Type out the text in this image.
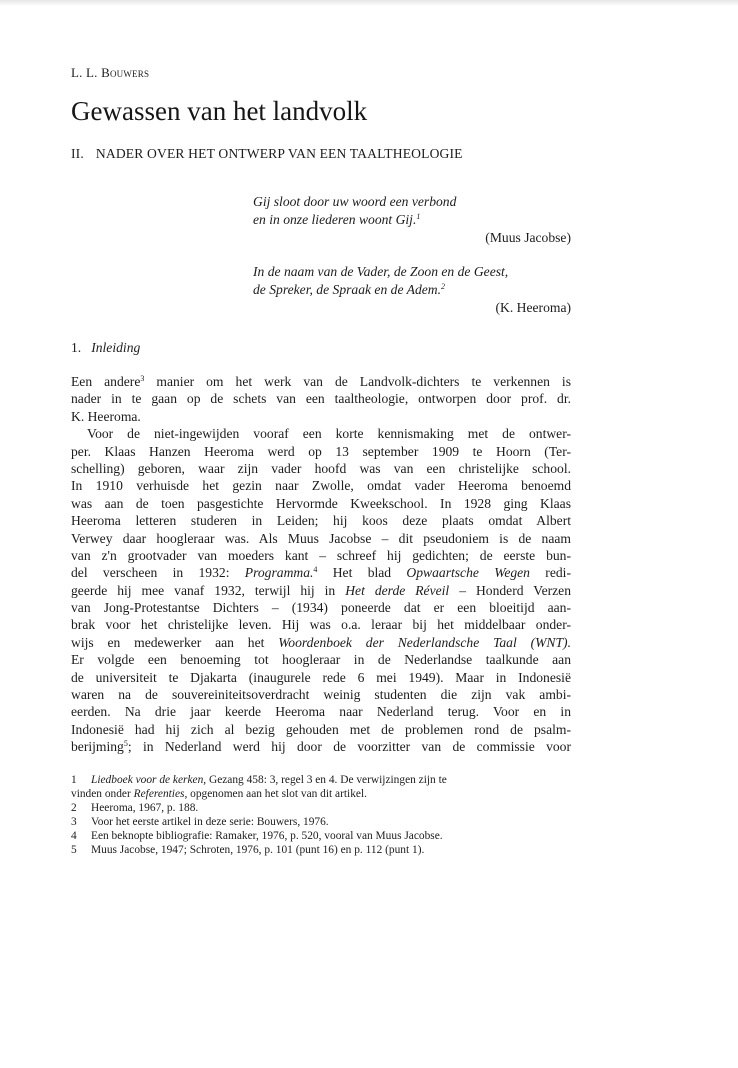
L. L. Bouwers

Gewassen van het landvolk
II. NADER OVER HET ONTWERP VAN EEN TAALTHEOLOGIE
Gij sloot door uw woord een verbond
en in onze liederen woont Gij.$^1$
(Muus Jacobse)
In de naam van de Vader, de Zoon en de Geest,
de Spreker, de Spraak en de Adem.$^2$
(K. Heeroma)
1. Inleiding

Een andere$^3$ manier om het werk van de Landvolk-dichters te verkennen is
nader in te gaan op de schets van een taaltheologie, ontworpen door prof. dr.
K. Heeroma.

Voor de niet-ingewijden vooraf een korte kennismaking met de ontwer-
per. Klaas Hanzen Heeroma werd op 13 september 1909 te Hoorn (Ter-
schelling) geboren, waar zijn vader hoofd was van een christelijke school.
In 1910 verhuisde het gezin naar Zwolle, omdat vader Heeroma benoemd
was aan de toen pasgestichte Hervormde Kweekschool. In 1928 ging Klaas
Heeroma letteren studeren in Leiden; hij koos deze plaats omdat Albert
Verwey daar hoogleraar was. Als Muus Jacobse – dit pseudoniem is de naam
van z'n grootvader van moeders kant – schreef hij gedichten; de eerste bun-
del verscheen in 1932: Programma.$^4$ Het blad Opwaartsche Wegen redi-
geerde hij mee vanaf 1932, terwijl hij in Het derde Réveil – Honderd Verzen
van Jong-Protestantse Dichters – (1934) poneerde dat er een bloeitijd aan-
brak voor het christelijke leven. Hij was o.a. leraar bij het middelbaar onder-
wijs en medewerker aan het Woordenboek der Nederlandsche Taal (WNT).
Er volgde een benoeming tot hoogleraar in de Nederlandse taalkunde aan
de universiteit te Djakarta (inaugurele rede 6 mei 1949). Maar in Indonesië
waren na de souvereiniteitsoverdracht weinig studenten die zijn vak ambi-
eerden. Na drie jaar keerde Heeroma naar Nederland terug. Voor en in
Indonesië had hij zich al bezig gehouden met de problemen rond de psalm-
berijming$^5$; in Nederland werd hij door de voorzitter van de commissie voor

1 Liedboek voor de kerken, Gezang 458: 3, regel 3 en 4. De verwijzingen zijn te
vinden onder Referenties, opgenomen aan het slot van dit artikel.
2 Heeroma, 1967, p. 188.
3 Voor het eerste artikel in deze serie: Bouwers, 1976.
4 Een beknopte bibliografie: Ramaker, 1976, p. 520, vooral van Muus Jacobse.
5 Muus Jacobse, 1947; Schroten, 1976, p. 101 (punt 16) en p. 112 (punt 1).
